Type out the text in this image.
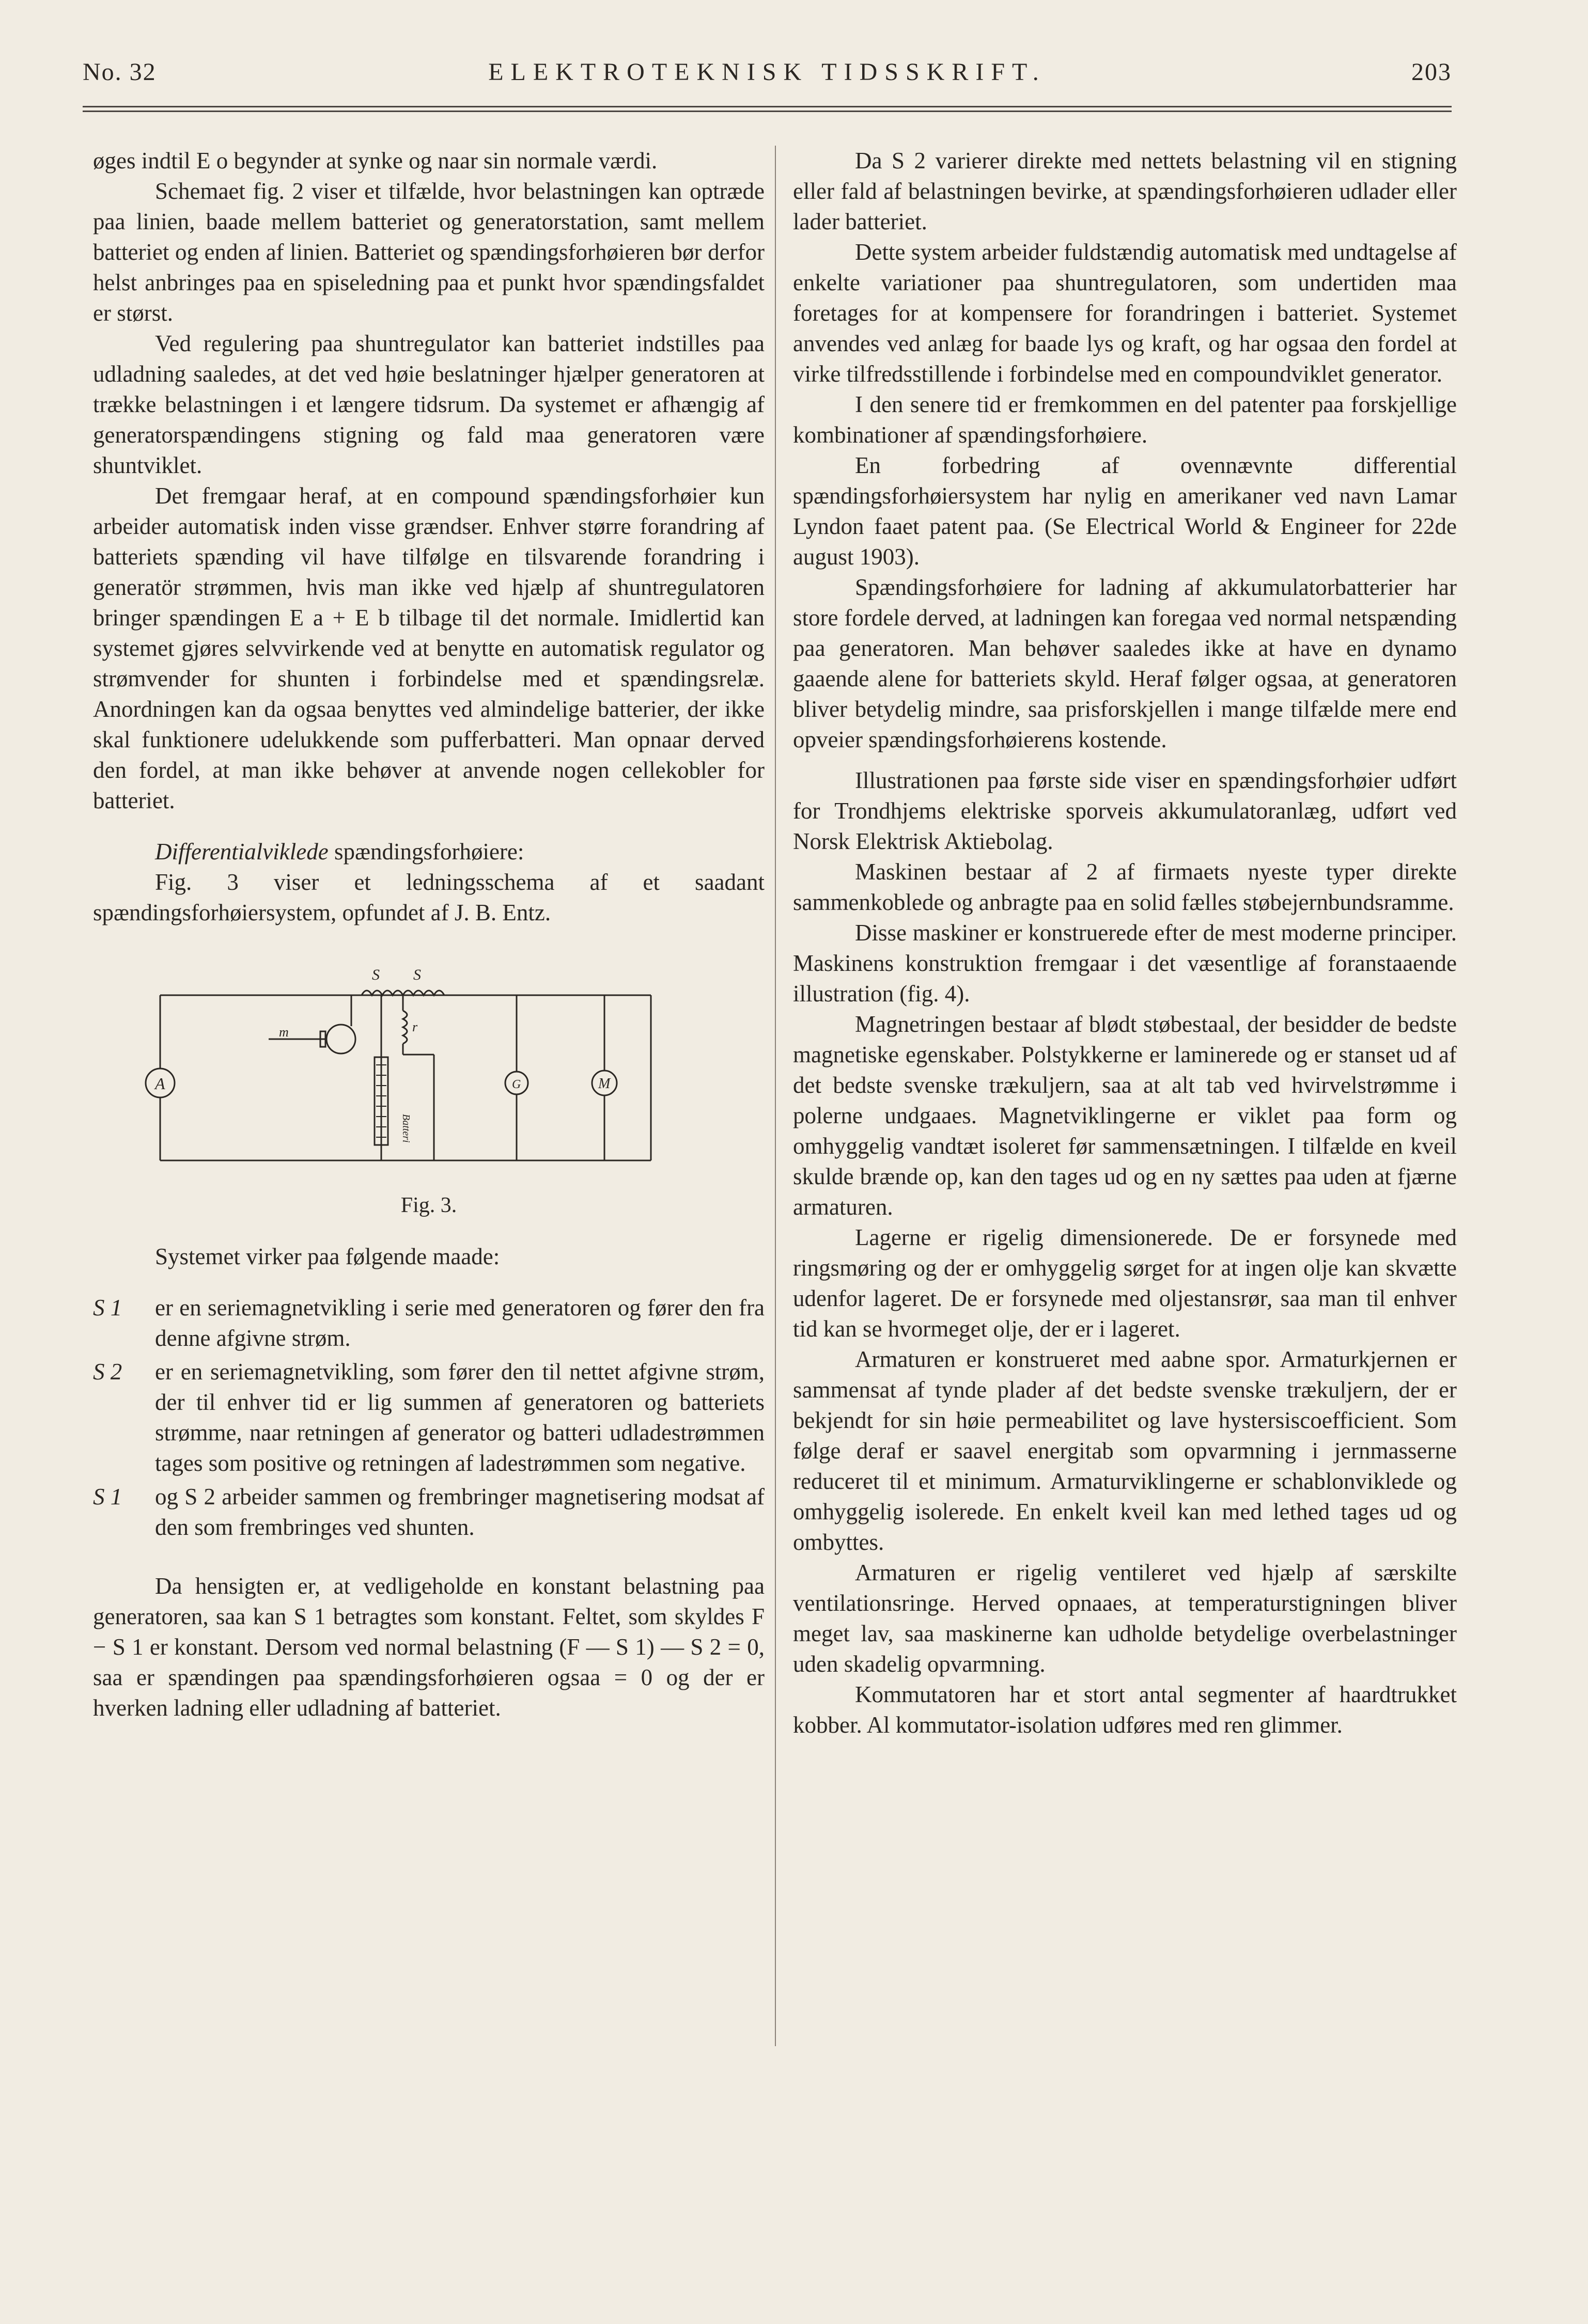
No. 32	ELEKTROTEKNISK TIDSSKRIFT.	203

øges indtil E o begynder at synke og naar sin normale værdi.

Schemaet fig. 2 viser et tilfælde, hvor belastningen kan optræde paa linien, baade mellem batteriet og generatorstation, samt mellem batteriet og enden af linien. Batteriet og spændingsforhøieren bør derfor helst anbringes paa en spiseledning paa et punkt hvor spændingsfaldet er størst.

Ved regulering paa shuntregulator kan batteriet indstilles paa udladning saaledes, at det ved høie beslatninger hjælper generatoren at trække belastningen i et længere tidsrum. Da systemet er afhængig af generatorspændingens stigning og fald maa generatoren være shuntviklet.

Det fremgaar heraf, at en compound spændingsforhøier kun arbeider automatisk inden visse grændser. Enhver større forandring af batteriets spænding vil have tilfølge en tilsvarende forandring i generatör strømmen, hvis man ikke ved hjælp af shuntregulatoren bringer spændingen E a + E b tilbage til det normale. Imidlertid kan systemet gjøres selvvirkende ved at benytte en automatisk regulator og strømvender for shunten i forbindelse med et spændingsrelæ. Anordningen kan da ogsaa benyttes ved almindelige batterier, der ikke skal funktionere udelukkende som pufferbatteri. Man opnaar derved den fordel, at man ikke behøver at anvende nogen cellekobler for batteriet.

Differentialviklede spændingsforhøiere:

Fig. 3 viser et ledningsschema af et saadant spændingsforhøiersystem, opfundet af J. B. Entz.

S S
A	M
G
r
m
Batteri
Fig. 3.

Systemet virker paa følgende maade:

S 1 er en seriemagnetvikling i serie med generatoren og fører den fra denne afgivne strøm.
S 2 er en seriemagnetvikling, som fører den til nettet afgivne strøm, der til enhver tid er lig summen af generatoren og batteriets strømme, naar retningen af generator og batteri udladestrømmen tages som positive og retningen af ladestrømmen som negative.
S 1 og S 2 arbeider sammen og frembringer magnetisering modsat af den som frembringes ved shunten.

Da hensigten er, at vedligeholde en konstant belastning paa generatoren, saa kan S 1 betragtes som konstant. Feltet, som skyldes F − S 1 er konstant. Dersom ved normal belastning (F — S 1) — S 2 = 0, saa er spændingen paa spændingsforhøieren ogsaa = 0 og der er hverken ladning eller udladning af batteriet.

Da S 2 varierer direkte med nettets belastning vil en stigning eller fald af belastningen bevirke, at spændingsforhøieren udlader eller lader batteriet.

Dette system arbeider fuldstændig automatisk med undtagelse af enkelte variationer paa shuntregulatoren, som undertiden maa foretages for at kompensere for forandringen i batteriet. Systemet anvendes ved anlæg for baade lys og kraft, og har ogsaa den fordel at virke tilfredsstillende i forbindelse med en compoundviklet generator.

I den senere tid er fremkommen en del patenter paa forskjellige kombinationer af spændingsforhøiere.

En forbedring af ovennævnte differential spændingsforhøiersystem har nylig en amerikaner ved navn Lamar Lyndon faaet patent paa. (Se Electrical World & Engineer for 22de august 1903).

Spændingsforhøiere for ladning af akkumulatorbatterier har store fordele derved, at ladningen kan foregaa ved normal netspænding paa generatoren. Man behøver saaledes ikke at have en dynamo gaaende alene for batteriets skyld. Heraf følger ogsaa, at generatoren bliver betydelig mindre, saa prisforskjellen i mange tilfælde mere end opveier spændingsforhøierens kostende.

Illustrationen paa første side viser en spændingsforhøier udført for Trondhjems elektriske sporveis akkumulatoranlæg, udført ved Norsk Elektrisk Aktiebolag.

Maskinen bestaar af 2 af firmaets nyeste typer direkte sammenkoblede og anbragte paa en solid fælles støbejernbundsramme.

Disse maskiner er konstruerede efter de mest moderne principer. Maskinens konstruktion fremgaar i det væsentlige af foranstaaende illustration (fig. 4).

Magnetringen bestaar af blødt støbestaal, der besidder de bedste magnetiske egenskaber. Polstykkerne er laminerede og er stanset ud af det bedste svenske trækuljern, saa at alt tab ved hvirvelstrømme i polerne undgaaes. Magnetviklingerne er viklet paa form og omhyggelig vandtæt isoleret før sammensætningen. I tilfælde en kveil skulde brænde op, kan den tages ud og en ny sættes paa uden at fjærne armaturen.

Lagerne er rigelig dimensionerede. De er forsynede med ringsmøring og der er omhyggelig sørget for at ingen olje kan skvætte udenfor lageret. De er forsynede med oljestansrør, saa man til enhver tid kan se hvormeget olje, der er i lageret.

Armaturen er konstrueret med aabne spor. Armaturkjernen er sammensat af tynde plader af det bedste svenske trækuljern, der er bekjendt for sin høie permeabilitet og lave hystersiscoefficient. Som følge deraf er saavel energitab som opvarmning i jernmasserne reduceret til et minimum. Armaturviklingerne er schablonviklede og omhyggelig isolerede. En enkelt kveil kan med lethed tages ud og ombyttes.

Armaturen er rigelig ventileret ved hjælp af særskilte ventilationsringe. Herved opnaaes, at temperaturstigningen bliver meget lav, saa maskinerne kan udholde betydelige overbelastninger uden skadelig opvarmning.

Kommutatoren har et stort antal segmenter af haardtrukket kobber. Al kommutator-isolation udføres med ren glimmer.
